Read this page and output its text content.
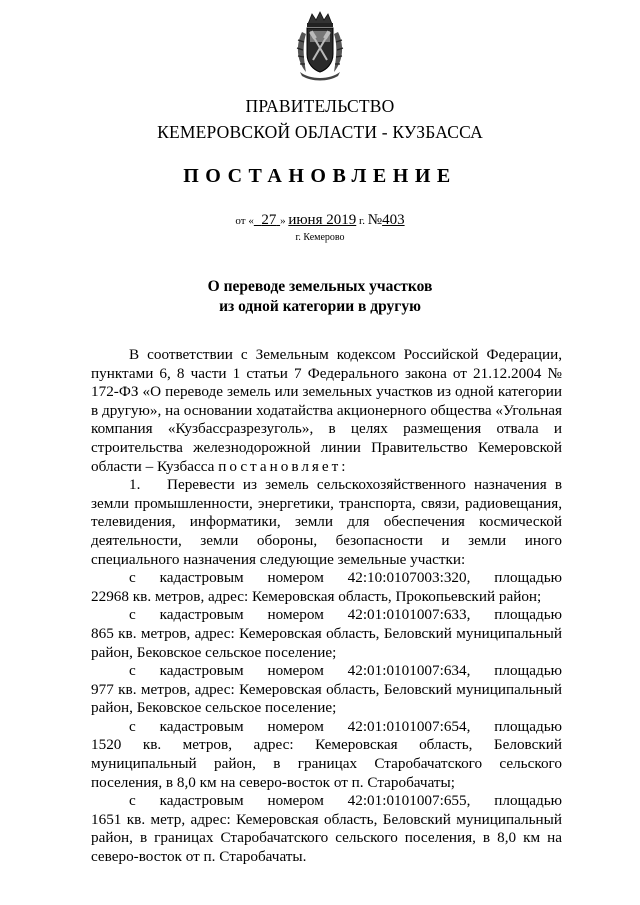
ПРАВИТЕЛЬСТВО
КЕМЕРОВСКОЙ ОБЛАСТИ - КУЗБАССА
ПОСТАНОВЛЕНИЕ
от « 27 » июня 2019 г. №403
г. Кемерово
О переводе земельных участков
из одной категории в другую

В соответствии с Земельным кодексом Российской Федерации, пунктами 6, 8 части 1 статьи 7 Федерального закона от 21.12.2004 № 172-ФЗ «О переводе земель или земельных участков из одной категории в другую», на основании ходатайства акционерного общества «Угольная компания «Кузбассразрезуголь», в целях размещения отвала и строительства железнодорожной линии Правительство Кемеровской области – Кузбасса постановляет:

1. Перевести из земель сельскохозяйственного назначения в земли промышленности, энергетики, транспорта, связи, радиовещания, телевидения, информатики, земли для обеспечения космической деятельности, земли обороны, безопасности и земли иного специального назначения следующие земельные участки:

с кадастровым номером 42:10:0107003:320, площадью
22968 кв. метров, адрес: Кемеровская область, Прокопьевский район;
с кадастровым номером 42:01:0101007:633, площадью
865 кв. метров, адрес: Кемеровская область, Беловский муниципальный район, Бековское сельское поселение;
с кадастровым номером 42:01:0101007:634, площадью
977 кв. метров, адрес: Кемеровская область, Беловский муниципальный район, Бековское сельское поселение;
с кадастровым номером 42:01:0101007:654, площадью
1520 кв. метров, адрес: Кемеровская область, Беловский муниципальный район, в границах Старобачатского сельского поселения, в 8,0 км на северо-восток от п. Старобачаты;
с кадастровым номером 42:01:0101007:655, площадью
1651 кв. метр, адрес: Кемеровская область, Беловский муниципальный район, в границах Старобачатского сельского поселения, в 8,0 км на северо-восток от п. Старобачаты.
